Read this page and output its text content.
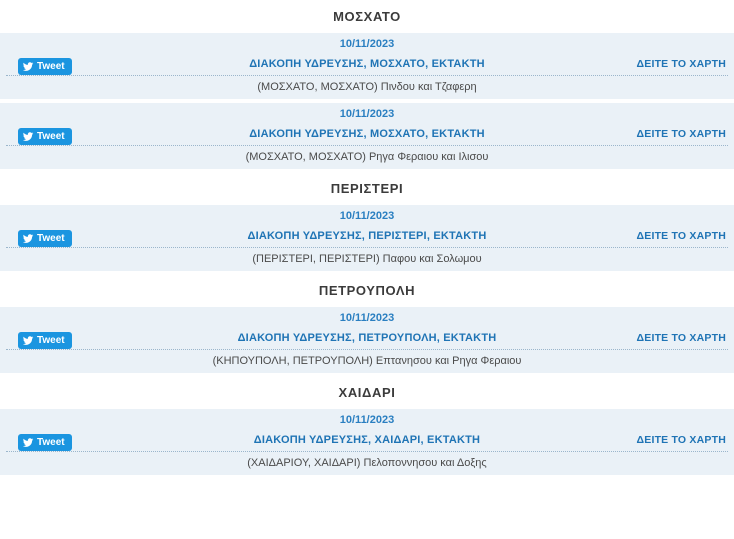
ΜΟΣΧΑΤΟ
10/11/2023
Tweet	ΔΙΑΚΟΠΗ ΥΔΡΕΥΣΗΣ, ΜΟΣΧΑΤΟ, ΕΚΤΑΚΤΗ	ΔΕΙΤΕ ΤΟ ΧΑΡΤΗ
(ΜΟΣΧΑΤΟ, ΜΟΣΧΑΤΟ) Πινδου και Τζαφερη
10/11/2023
Tweet	ΔΙΑΚΟΠΗ ΥΔΡΕΥΣΗΣ, ΜΟΣΧΑΤΟ, ΕΚΤΑΚΤΗ	ΔΕΙΤΕ ΤΟ ΧΑΡΤΗ
(ΜΟΣΧΑΤΟ, ΜΟΣΧΑΤΟ) Ρηγα Φεραιου και Ιλισου
ΠΕΡΙΣΤΕΡΙ
10/11/2023
Tweet	ΔΙΑΚΟΠΗ ΥΔΡΕΥΣΗΣ, ΠΕΡΙΣΤΕΡΙ, ΕΚΤΑΚΤΗ	ΔΕΙΤΕ ΤΟ ΧΑΡΤΗ
(ΠΕΡΙΣΤΕΡΙ, ΠΕΡΙΣΤΕΡΙ) Παφου και Σολωμου
ΠΕΤΡΟΥΠΟΛΗ
10/11/2023
Tweet	ΔΙΑΚΟΠΗ ΥΔΡΕΥΣΗΣ, ΠΕΤΡΟΥΠΟΛΗ, ΕΚΤΑΚΤΗ	ΔΕΙΤΕ ΤΟ ΧΑΡΤΗ
(ΚΗΠΟΥΠΟΛΗ, ΠΕΤΡΟΥΠΟΛΗ) Επτανησου και Ρηγα Φεραιου
ΧΑΙΔΑΡΙ
10/11/2023
Tweet	ΔΙΑΚΟΠΗ ΥΔΡΕΥΣΗΣ, ΧΑΙΔΑΡΙ, ΕΚΤΑΚΤΗ	ΔΕΙΤΕ ΤΟ ΧΑΡΤΗ
(ΧΑΙΔΑΡΙΟΥ, ΧΑΙΔΑΡΙ) Πελοποννησου και Δοξης
